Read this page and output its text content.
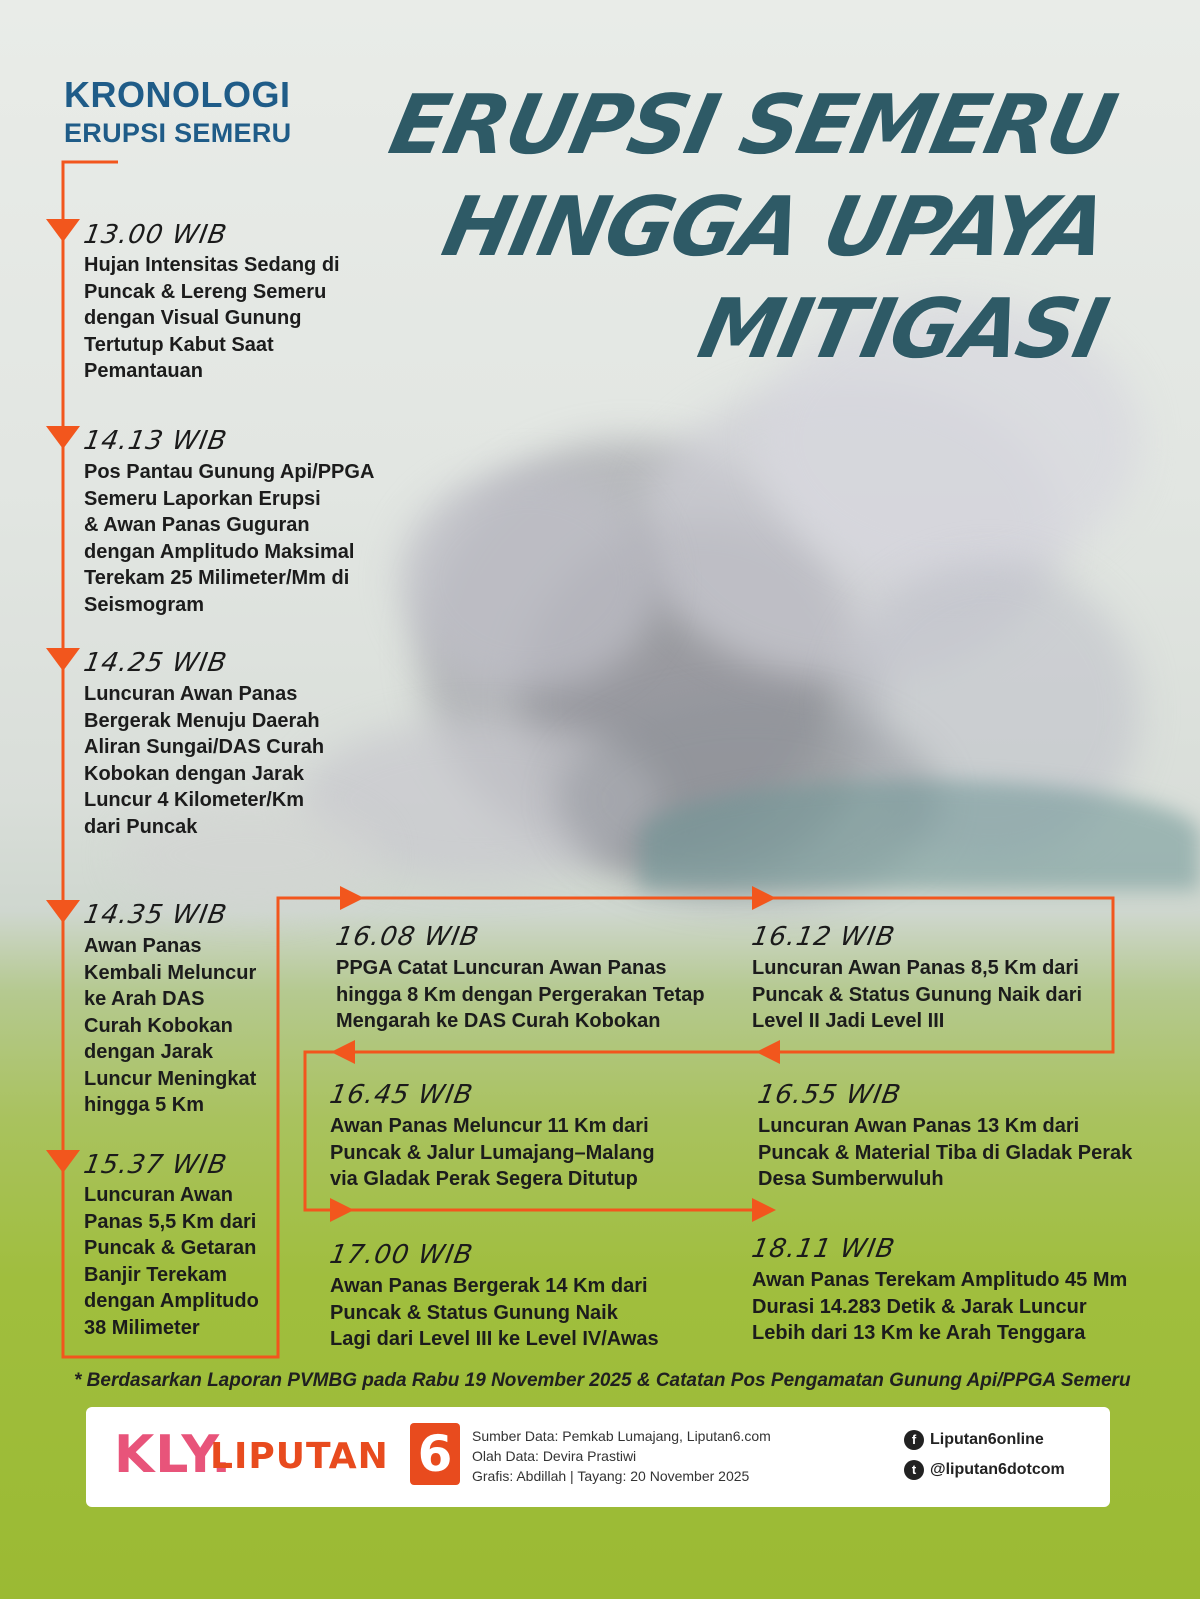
KRONOLOGI
ERUPSI SEMERU ERUPSI SEMERU
HINGGA UPAYA
MITIGASI
13.00 WIB
Hujan Intensitas Sedang di
Puncak & Lereng Semeru
dengan Visual Gunung
Tertutup Kabut Saat
Pemantauan
14.13 WIB
Pos Pantau Gunung Api/PPGA
Semeru Laporkan Erupsi
& Awan Panas Guguran
dengan Amplitudo Maksimal
Terekam 25 Milimeter/Mm di
Seismogram
14.25 WIB
Luncuran Awan Panas
Bergerak Menuju Daerah
Aliran Sungai/DAS Curah
Kobokan dengan Jarak
Luncur 4 Kilometer/Km
dari Puncak
14.35 WIB
Awan Panas
Kembali Meluncur
ke Arah DAS
Curah Kobokan
dengan Jarak
Luncur Meningkat
hingga 5 Km
15.37 WIB
Luncuran Awan
Panas 5,5 Km dari
Puncak & Getaran
Banjir Terekam
dengan Amplitudo
38 Milimeter
16.08 WIB
PPGA Catat Luncuran Awan Panas
hingga 8 Km dengan Pergerakan Tetap
Mengarah ke DAS Curah Kobokan
16.12 WIB
Luncuran Awan Panas 8,5 Km dari
Puncak & Status Gunung Naik dari
Level II Jadi Level III
16.45 WIB
Awan Panas Meluncur 11 Km dari
Puncak & Jalur Lumajang–Malang
via Gladak Perak Segera Ditutup
16.55 WIB
Luncuran Awan Panas 13 Km dari
Puncak & Material Tiba di Gladak Perak
Desa Sumberwuluh
17.00 WIB
Awan Panas Bergerak 14 Km dari
Puncak & Status Gunung Naik
Lagi dari Level III ke Level IV/Awas
18.11 WIB
Awan Panas Terekam Amplitudo 45 Mm
Durasi 14.283 Detik & Jarak Luncur
Lebih dari 13 Km ke Arah Tenggara
* Berdasarkan Laporan PVMBG pada Rabu 19 November 2025 & Catatan Pos Pengamatan Gunung Api/PPGA Semeru
KLY.
LIPUTAN 6	Sumber Data: Pemkab Lumajang, Liputan6.com
Olah Data: Devira Prastiwi
Grafis: Abdillah | Tayang: 20 November 2025
f Liputan6online
t @liputan6dotcom
